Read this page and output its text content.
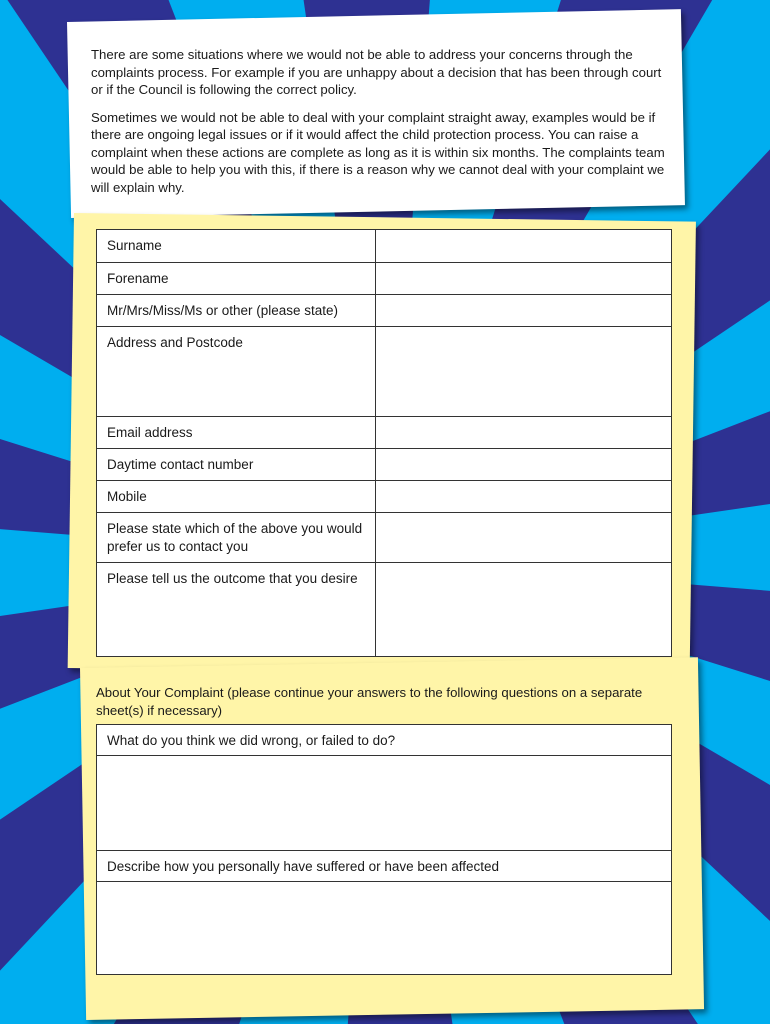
There are some situations where we would not be able to address your concerns through the complaints process. For example if you are unhappy about a decision that has been through court or if the Council is following the correct policy.

Sometimes we would not be able to deal with your complaint straight away, examples would be if there are ongoing legal issues or if it would affect the child protection process. You can raise a complaint when these actions are complete as long as it is within six months. The complaints team would be able to help you with this, if there is a reason why we cannot deal with your complaint we will explain why.

Surname
Forename
Mr/Mrs/Miss/Ms or other (please state)
Address and Postcode
Email address
Daytime contact number
Mobile
Please state which of the above you would prefer us to contact you
Please tell us the outcome that you desire
About Your Complaint (please continue your answers to the following questions on a separate sheet(s) if necessary)
What do you think we did wrong, or failed to do?
Describe how you personally have suffered or have been affected
